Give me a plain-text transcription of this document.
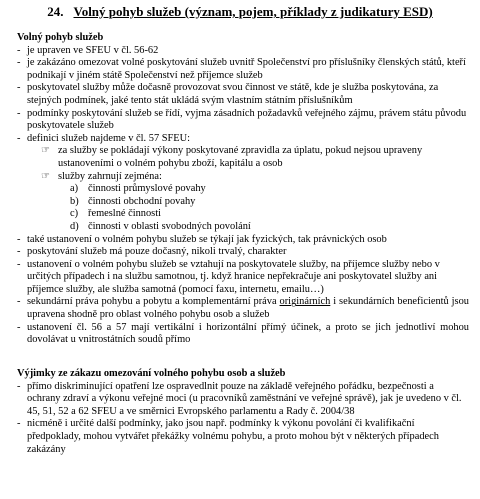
24. Volný pohyb služeb (význam, pojem, příklady z judikatury ESD)
Volný pohyb služeb
- je upraven ve SFEU v čl. 56-62
- je zakázáno omezovat volné poskytování služeb uvnitř Společenství pro příslušníky členských států, kteří podnikají v jiném státě Společenství než příjemce služeb
- poskytovatel služby může dočasně provozovat svou činnost ve státě, kde je služba poskytována, za stejných podmínek, jaké tento stát ukládá svým vlastním státním příslušníkům
- podmínky poskytování služeb se řídí, vyjma zásadních požadavků veřejného zájmu, právem státu původu poskytovatele služeb
- definici služeb najdeme v čl. 57 SFEU:
☞ za služby se pokládají výkony poskytované zpravidla za úplatu, pokud nejsou upraveny ustanoveními o volném pohybu zboží, kapitálu a osob
☞ služby zahrnují zejména:
a) činnosti průmyslové povahy
b) činnosti obchodní povahy
c) řemeslné činnosti
d) činnosti v oblasti svobodných povolání
- také ustanovení o volném pohybu služeb se týkají jak fyzických, tak právnických osob
- poskytování služeb má pouze dočasný, nikoli trvalý, charakter
- ustanovení o volném pohybu služeb se vztahují na poskytovatele služby, na příjemce služby nebo v určitých případech i na službu samotnou, tj. když hranice nepřekračuje ani poskytovatel služby ani příjemce služby, ale služba samotná (pomocí faxu, internetu, emailu…)
- sekundární práva pohybu a pobytu a komplementární práva originárních i sekundárních beneficientů jsou upravena shodně pro oblast volného pohybu osob a služeb
- ustanovení čl. 56 a 57 mají vertikální i horizontální přímý účinek, a proto se jich jednotliví mohou dovolávat u vnitrostátních soudů přímo
Výjimky ze zákazu omezování volného pohybu osob a služeb
- přímo diskriminující opatření lze ospravedlnit pouze na základě veřejného pořádku, bezpečnosti a ochrany zdraví a výkonu veřejné moci (u pracovníků zaměstnání ve veřejné správě), jak je uvedeno v čl. 45, 51, 52 a 62 SFEU a ve směrnici Evropského parlamentu a Rady č. 2004/38
- nicméně i určité další podmínky, jako jsou např. podmínky k výkonu povolání či kvalifikační předpoklady, mohou vytvářet překážky volnému pohybu, a proto mohou být v některých případech zakázány
